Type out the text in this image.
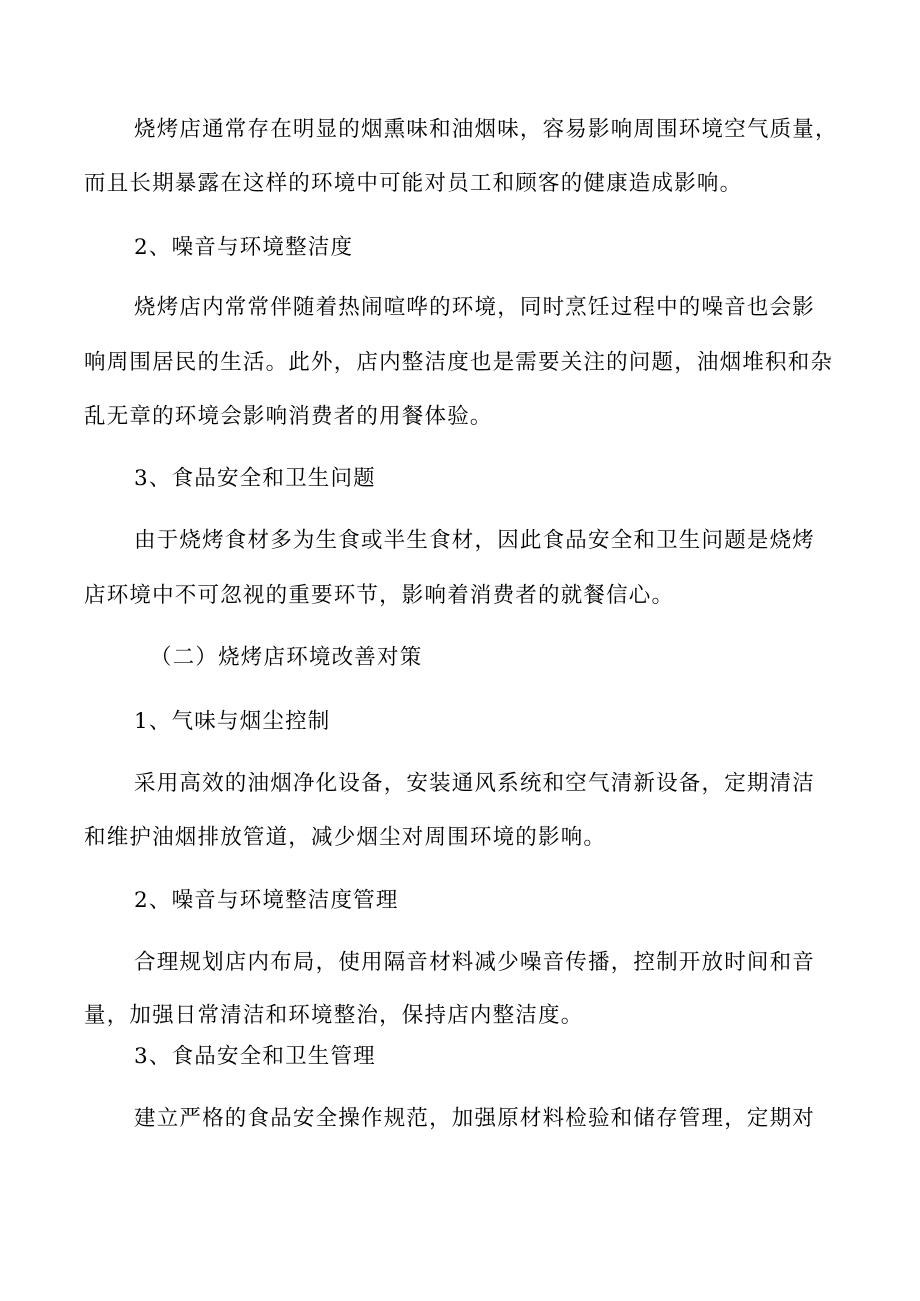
烧烤店通常存在明显的烟熏味和油烟味，容易影响周围环境空气质量，
而且长期暴露在这样的环境中可能对员工和顾客的健康造成影响。
2、噪音与环境整洁度
烧烤店内常常伴随着热闹喧哗的环境，同时烹饪过程中的噪音也会影
响周围居民的生活。此外，店内整洁度也是需要关注的问题，油烟堆积和杂
乱无章的环境会影响消费者的用餐体验。
3、食品安全和卫生问题
由于烧烤食材多为生食或半生食材，因此食品安全和卫生问题是烧烤
店环境中不可忽视的重要环节，影响着消费者的就餐信心。
（二）烧烤店环境改善对策
1、气味与烟尘控制
采用高效的油烟净化设备，安装通风系统和空气清新设备，定期清洁
和维护油烟排放管道，减少烟尘对周围环境的影响。
2、噪音与环境整洁度管理
合理规划店内布局，使用隔音材料减少噪音传播，控制开放时间和音
量，加强日常清洁和环境整治，保持店内整洁度。
3、食品安全和卫生管理
建立严格的食品安全操作规范，加强原材料检验和储存管理，定期对
